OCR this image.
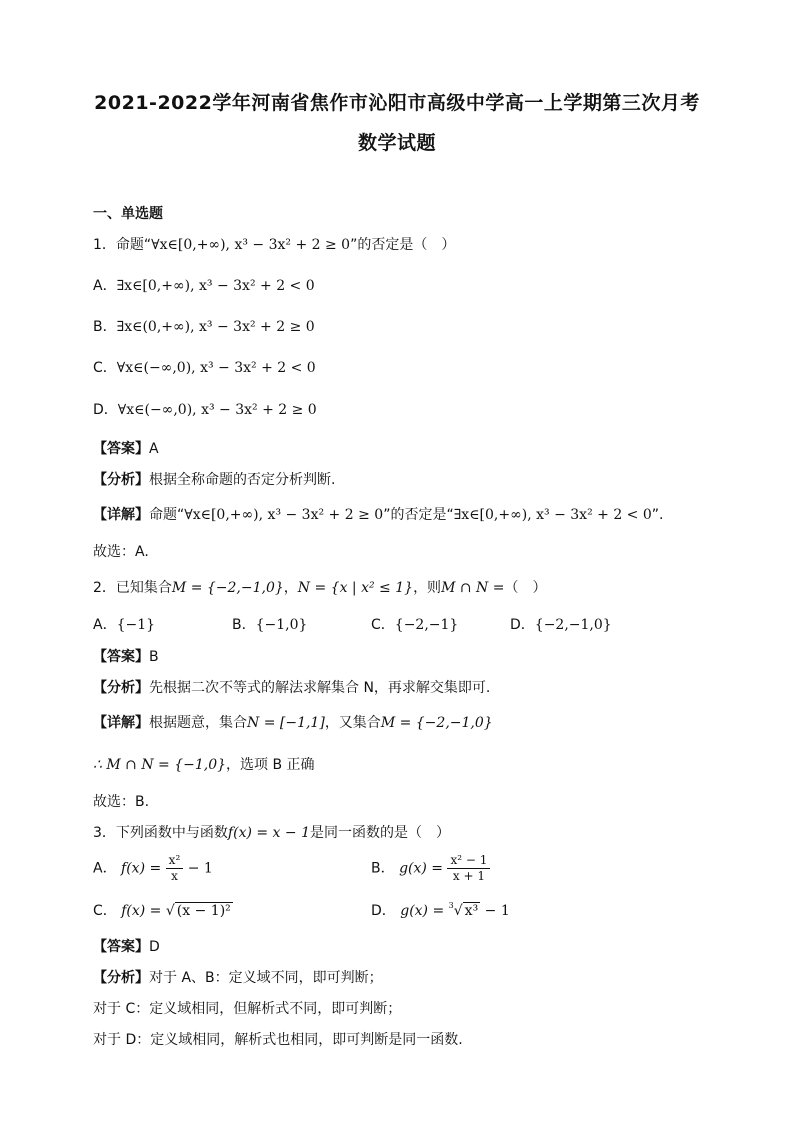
2021-2022学年河南省焦作市沁阳市高级中学高一上学期第三次月考
数学试题
一、单选题
1．命题“∀x∈[0,+∞), x³ − 3x² + 2 ≥ 0”的否定是（　）
A．∃x∈[0,+∞), x³ − 3x² + 2 < 0
B．∃x∈(0,+∞), x³ − 3x² + 2 ≥ 0
C．∀x∈(−∞,0), x³ − 3x² + 2 < 0
D．∀x∈(−∞,0), x³ − 3x² + 2 ≥ 0
【答案】A
【分析】根据全称命题的否定分析判断.
【详解】命题“∀x∈[0,+∞), x³ − 3x² + 2 ≥ 0”的否定是“∃x∈[0,+∞), x³ − 3x² + 2 < 0”.
故选：A.
2．已知集合M = {−2,−1,0}，N = {x | x² ≤ 1}，则M ∩ N =（　）
A．{−1}	B．{−1,0}	C．{−2,−1}	D．{−2,−1,0}
【答案】B
【分析】先根据二次不等式的解法求解集合 N，再求解交集即可.
【详解】根据题意，集合N = [−1,1]，又集合M = {−2,−1,0}
∴ M ∩ N = {−1,0}，选项 B 正确
故选：B.
3．下列函数中与函数f(x) = x − 1是同一函数的是（　）
A． $f(x) = \frac{\text{x²}}{x} - 1$	B． $g(x) = \frac{\text{x² − 1}}{x + 1}$
C． f(x) = √ (x − 1)²	D． g(x) = $^3$√ x³ − 1
【答案】D
【分析】对于 A、B：定义域不同，即可判断；
对于 C：定义域相同，但解析式不同，即可判断；
对于 D：定义域相同，解析式也相同，即可判断是同一函数.
